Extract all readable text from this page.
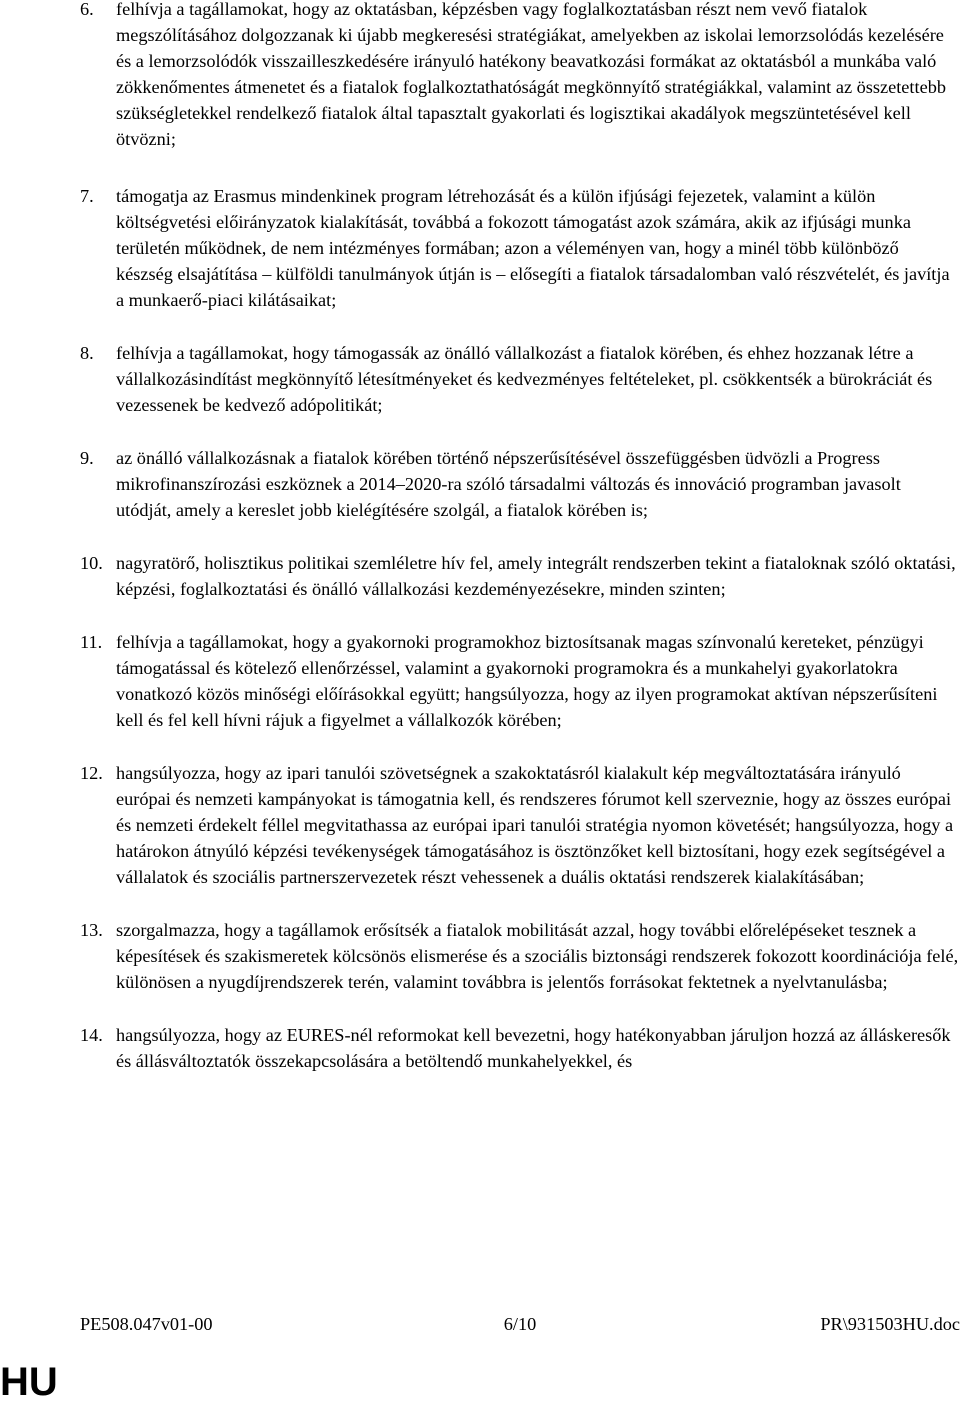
6.	felhívja a tagállamokat, hogy az oktatásban, képzésben vagy foglalkoztatásban részt nem vevő fiatalok megszólításához dolgozzanak ki újabb megkeresési stratégiákat, amelyekben az iskolai lemorzsolódás kezelésére és a lemorzsolódók visszailleszkedésére irányuló hatékony beavatkozási formákat az oktatásból a munkába való zökkenőmentes átmenetet és a fiatalok foglalkoztathatóságát megkönnyítő stratégiákkal, valamint az összetettebb szükségletekkel rendelkező fiatalok által tapasztalt gyakorlati és logisztikai akadályok megszüntetésével kell ötvözni;
7.	támogatja az Erasmus mindenkinek program létrehozását és a külön ifjúsági fejezetek, valamint a külön költségvetési előirányzatok kialakítását, továbbá a fokozott támogatást azok számára, akik az ifjúsági munka területén működnek, de nem intézményes formában; azon a véleményen van, hogy a minél több különböző készség elsajátítása – külföldi tanulmányok útján is – elősegíti a fiatalok társadalomban való részvételét, és javítja a munkaerő-piaci kilátásaikat;
8.	felhívja a tagállamokat, hogy támogassák az önálló vállalkozást a fiatalok körében, és ehhez hozzanak létre a vállalkozásindítást megkönnyítő létesítményeket és kedvezményes feltételeket, pl. csökkentsék a bürokráciát és vezessenek be kedvező adópolitikát;
9.	az önálló vállalkozásnak a fiatalok körében történő népszerűsítésével összefüggésben üdvözli a Progress mikrofinanszírozási eszköznek a 2014–2020-ra szóló társadalmi változás és innováció programban javasolt utódját, amely a kereslet jobb kielégítésére szolgál, a fiatalok körében is;
10. nagyratörő, holisztikus politikai szemléletre hív fel, amely integrált rendszerben tekint a fiataloknak szóló oktatási, képzési, foglalkoztatási és önálló vállalkozási kezdeményezésekre, minden szinten;
11. felhívja a tagállamokat, hogy a gyakornoki programokhoz biztosítsanak magas színvonalú kereteket, pénzügyi támogatással és kötelező ellenőrzéssel, valamint a gyakornoki programokra és a munkahelyi gyakorlatokra vonatkozó közös minőségi előírásokkal együtt; hangsúlyozza, hogy az ilyen programokat aktívan népszerűsíteni kell és fel kell hívni rájuk a figyelmet a vállalkozók körében;
12. hangsúlyozza, hogy az ipari tanulói szövetségnek a szakoktatásról kialakult kép megváltoztatására irányuló európai és nemzeti kampányokat is támogatnia kell, és rendszeres fórumot kell szerveznie, hogy az összes európai és nemzeti érdekelt féllel megvitathassa az európai ipari tanulói stratégia nyomon követését; hangsúlyozza, hogy a határokon átnyúló képzési tevékenységek támogatásához is ösztönzőket kell biztosítani, hogy ezek segítségével a vállalatok és szociális partnerszervezetek részt vehessenek a duális oktatási rendszerek kialakításában;
13. szorgalmazza, hogy a tagállamok erősítsék a fiatalok mobilitását azzal, hogy további előrelépéseket tesznek a képesítések és szakismeretek kölcsönös elismerése és a szociális biztonsági rendszerek fokozott koordinációja felé, különösen a nyugdíjrendszerek terén, valamint továbbra is jelentős forrásokat fektetnek a nyelvtanulásba;
14. hangsúlyozza, hogy az EURES-nél reformokat kell bevezetni, hogy hatékonyabban járuljon hozzá az álláskeresők és állásváltoztatók összekapcsolására a betöltendő munkahelyekkel, és
PE508.047v01-00	6/10	PR\931503HU.doc
HU
